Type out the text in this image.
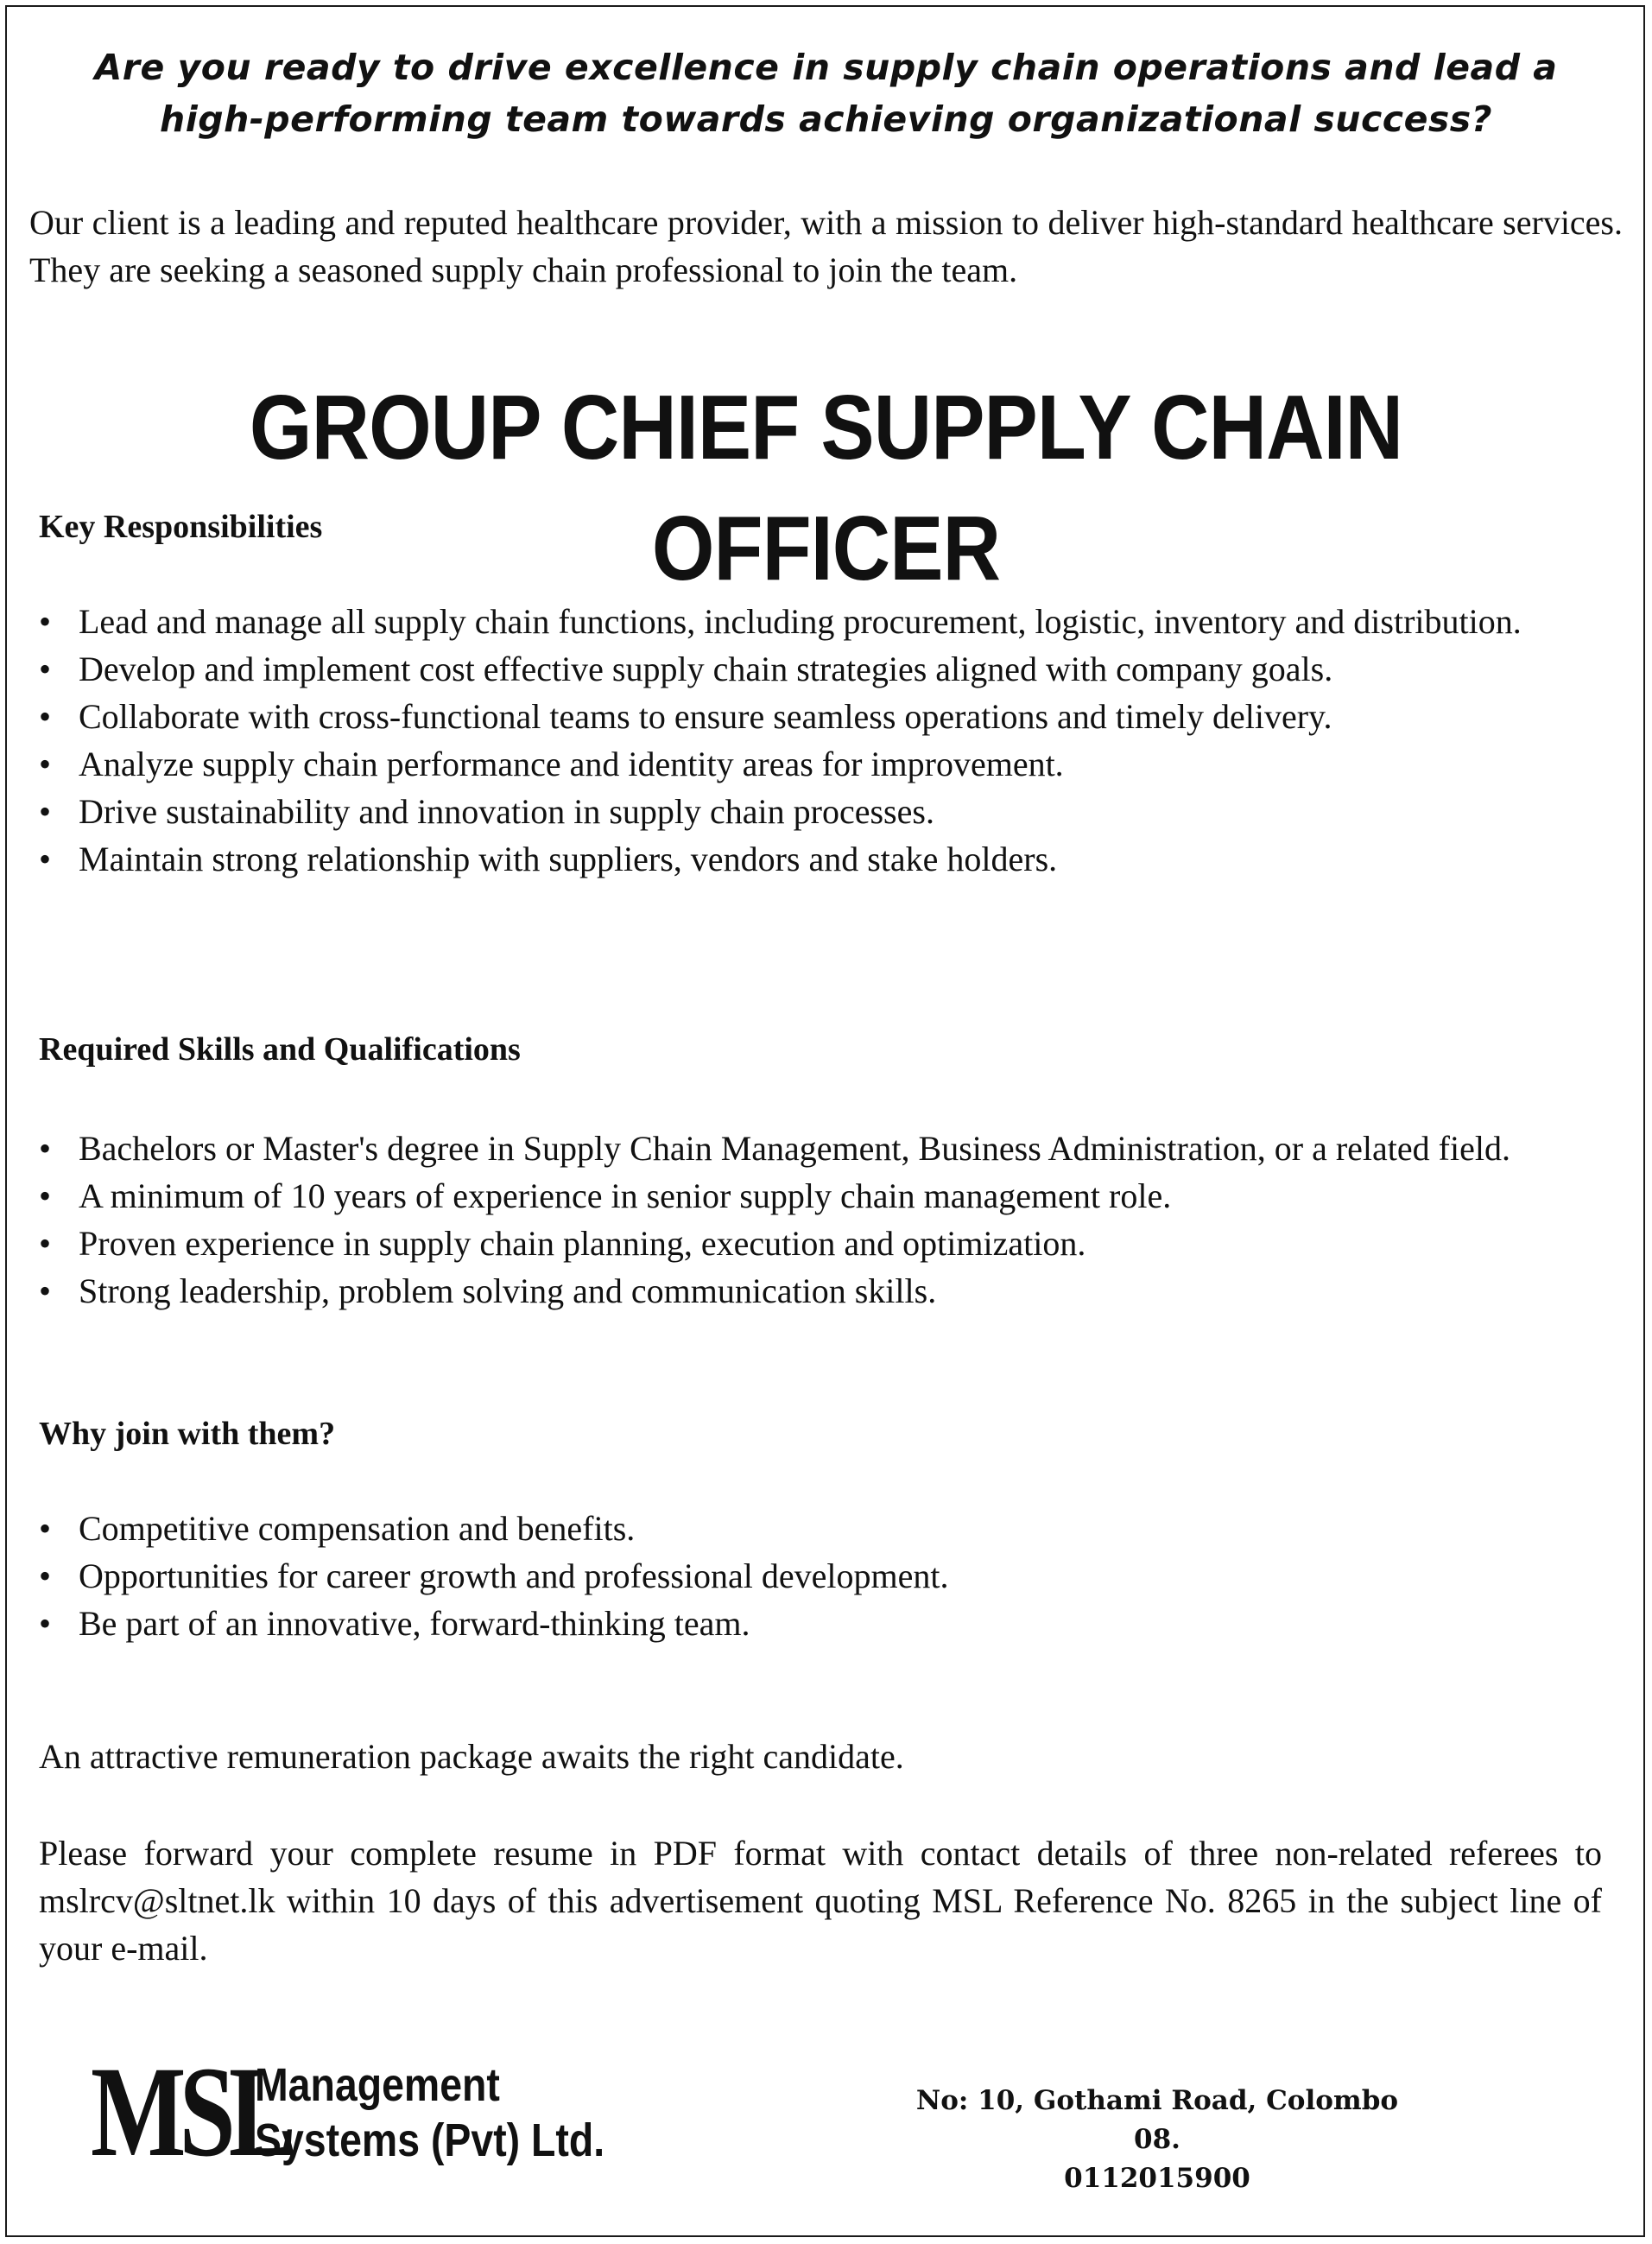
Are you ready to drive excellence in supply chain operations and lead a
high-performing team towards achieving organizational success?
Our client is a leading and reputed healthcare provider, with a mission to deliver high-standard healthcare services. They are seeking a seasoned supply chain professional to join the team.
GROUP CHIEF SUPPLY CHAIN OFFICER
Key Responsibilities
• Lead and manage all supply chain functions, including procurement, logistic, inventory and distribution.
• Develop and implement cost effective supply chain strategies aligned with company goals.
• Collaborate with cross-functional teams to ensure seamless operations and timely delivery.
• Analyze supply chain performance and identity areas for improvement.
• Drive sustainability and innovation in supply chain processes.
• Maintain strong relationship with suppliers, vendors and stake holders.
Required Skills and Qualifications
• Bachelors or Master's degree in Supply Chain Management, Business Administration, or a related field.
• A minimum of 10 years of experience in senior supply chain management role.
• Proven experience in supply chain planning, execution and optimization.
• Strong leadership, problem solving and communication skills.
Why join with them?
• Competitive compensation and benefits.
• Opportunities for career growth and professional development.
• Be part of an innovative, forward-thinking team.
An attractive remuneration package awaits the right candidate.
Please forward your complete resume in PDF format with contact details of three non-related referees to mslrcv@sltnet.lk within 10 days of this advertisement quoting MSL Reference No. 8265 in the subject line of your e-mail.
MSL
Management
Systems (Pvt) Ltd.
No: 10, Gothami Road, Colombo 08.
0112015900
